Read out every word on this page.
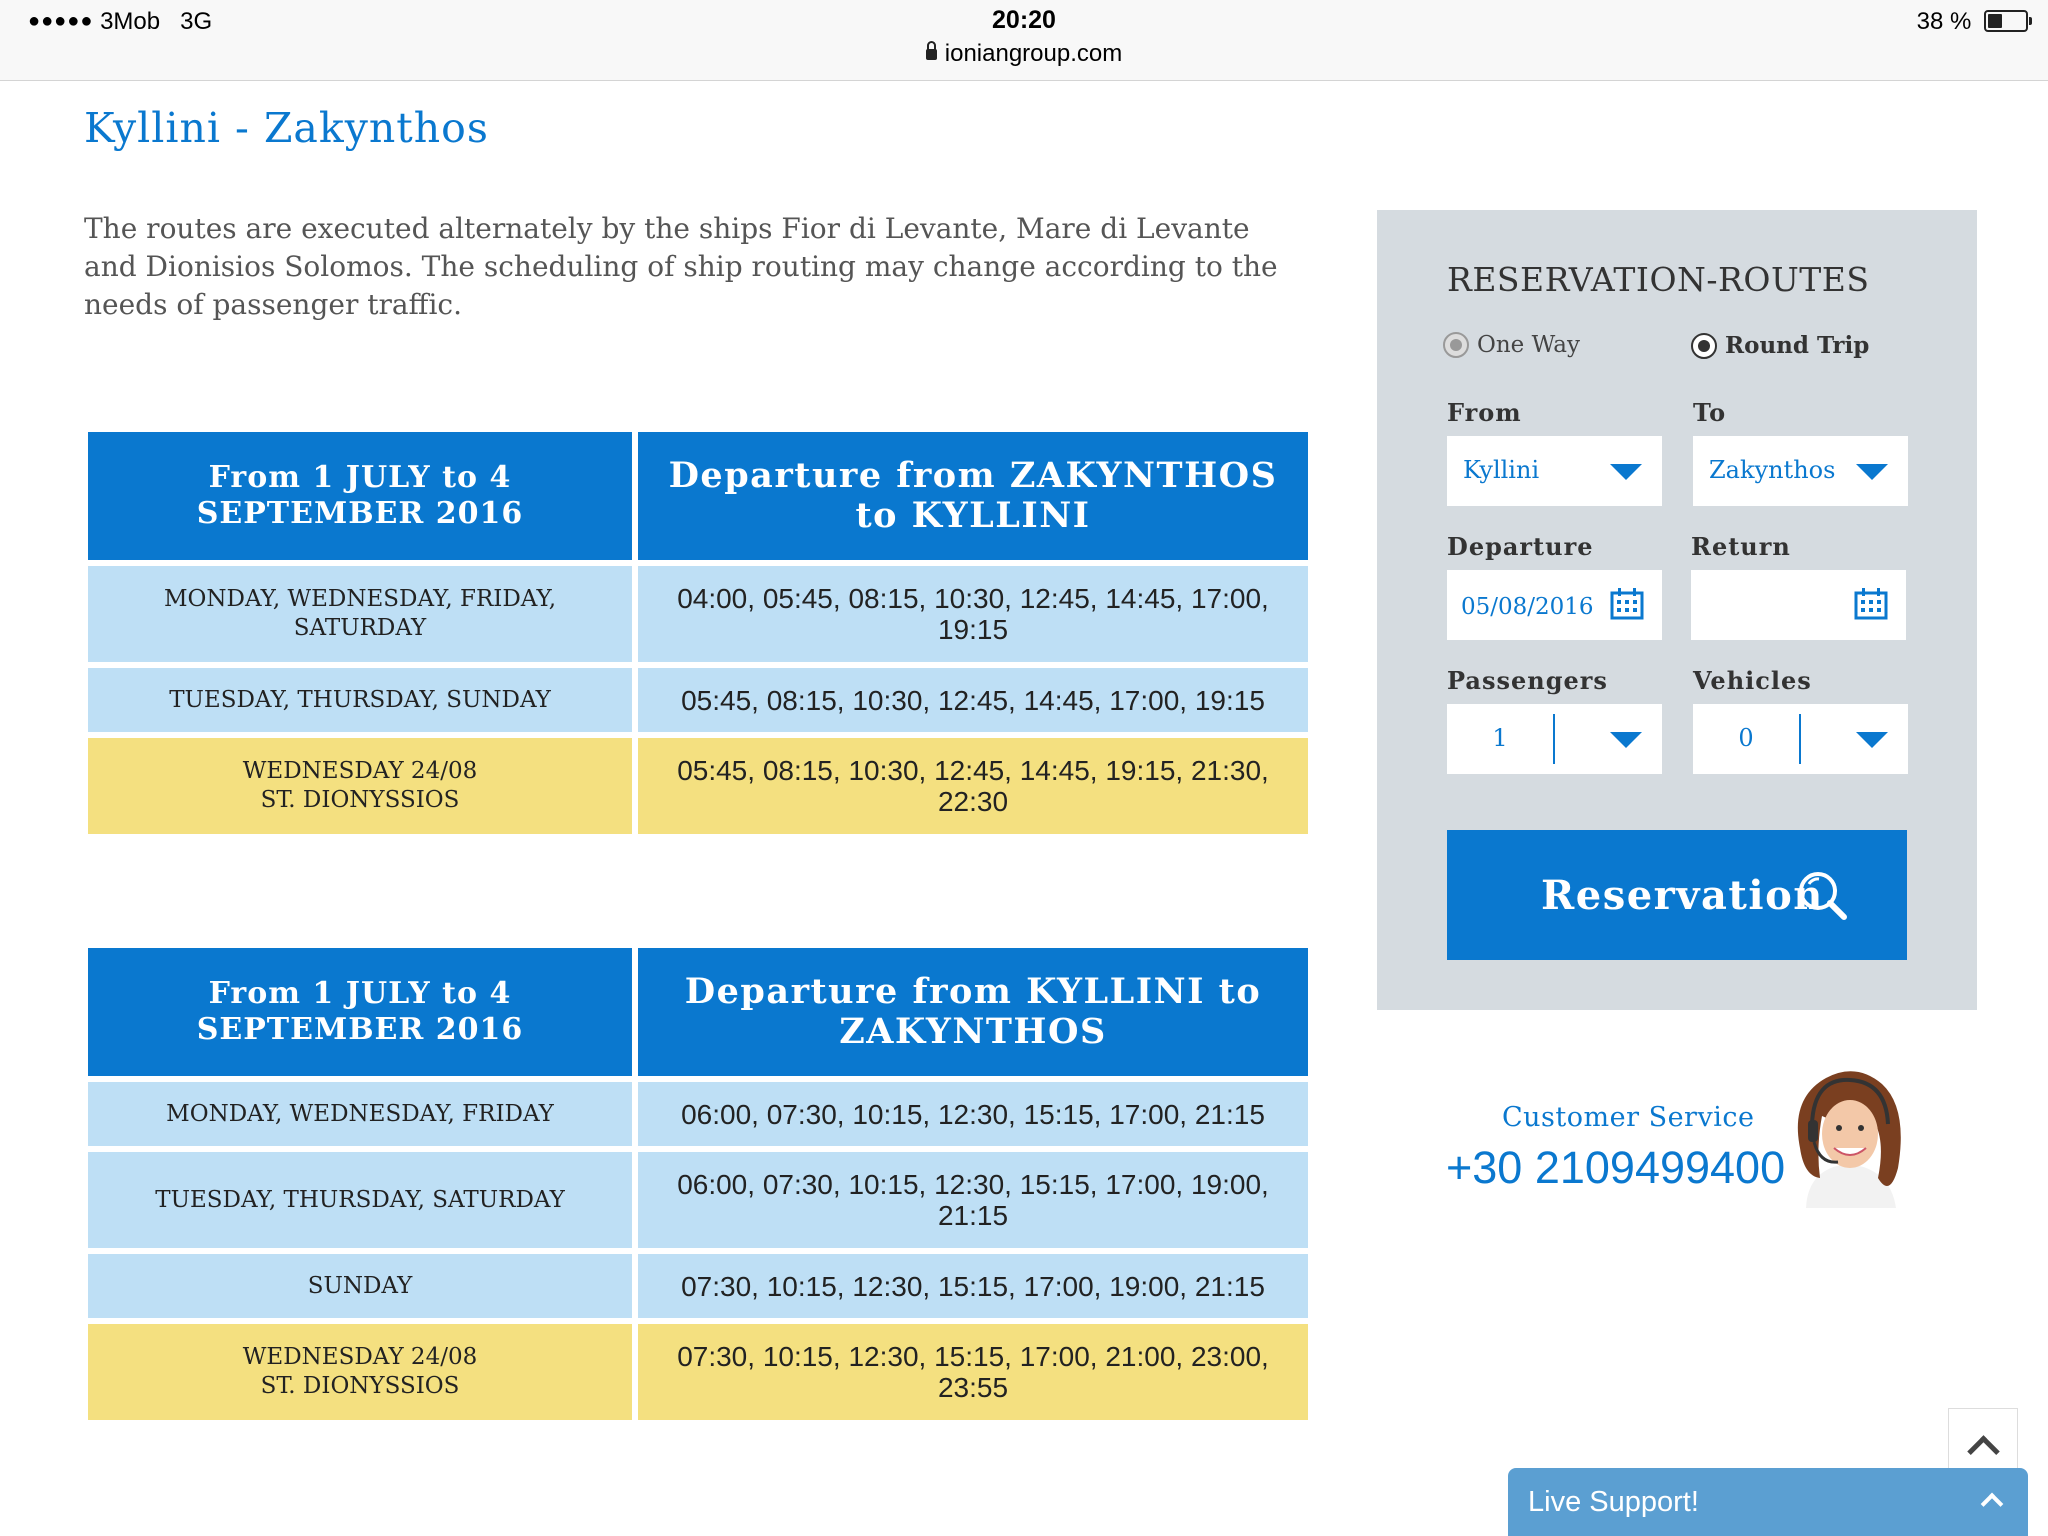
●●●●● 3Mob 3G	20:20
ioniangroup.com
38 %
Kyllini - Zakynthos
The routes are executed alternately by the ships Fior di Levante, Mare di Levante and Dionisios Solomos. The scheduling of ship routing may change according to the needs of passenger traffic.
From 1 JULY to 4 SEPTEMBER 2016	Departure from ZAKYNTHOS to KYLLINI
MONDAY, WEDNESDAY, FRIDAY, SATURDAY	04:00, 05:45, 08:15, 10:30, 12:45, 14:45, 17:00, 19:15
TUESDAY, THURSDAY, SUNDAY	05:45, 08:15, 10:30, 12:45, 14:45, 17:00, 19:15

WEDNESDAY 24/08
ST. DIONYSSIOS	05:45, 08:15, 10:30, 12:45, 14:45, 19:15, 21:30, 22:30
From 1 JULY to 4 SEPTEMBER 2016	Departure from KYLLINI to ZAKYNTHOS
MONDAY, WEDNESDAY, FRIDAY	06:00, 07:30, 10:15, 12:30, 15:15, 17:00, 21:15
TUESDAY, THURSDAY, SATURDAY	06:00, 07:30, 10:15, 12:30, 15:15, 17:00, 19:00, 21:15
SUNDAY	07:30, 10:15, 12:30, 15:15, 17:00, 19:00, 21:15

WEDNESDAY 24/08
ST. DIONYSSIOS	07:30, 10:15, 12:30, 15:15, 17:00, 21:00, 23:00, 23:55
RESERVATION-ROUTES
One Way	Round Trip
From	To
Kyllini	Zakynthos
Departure	Return
05/08/2016
Passengers	Vehicles
1	0
Reservation
Customer Service
+30 2109499400
Live Support!
